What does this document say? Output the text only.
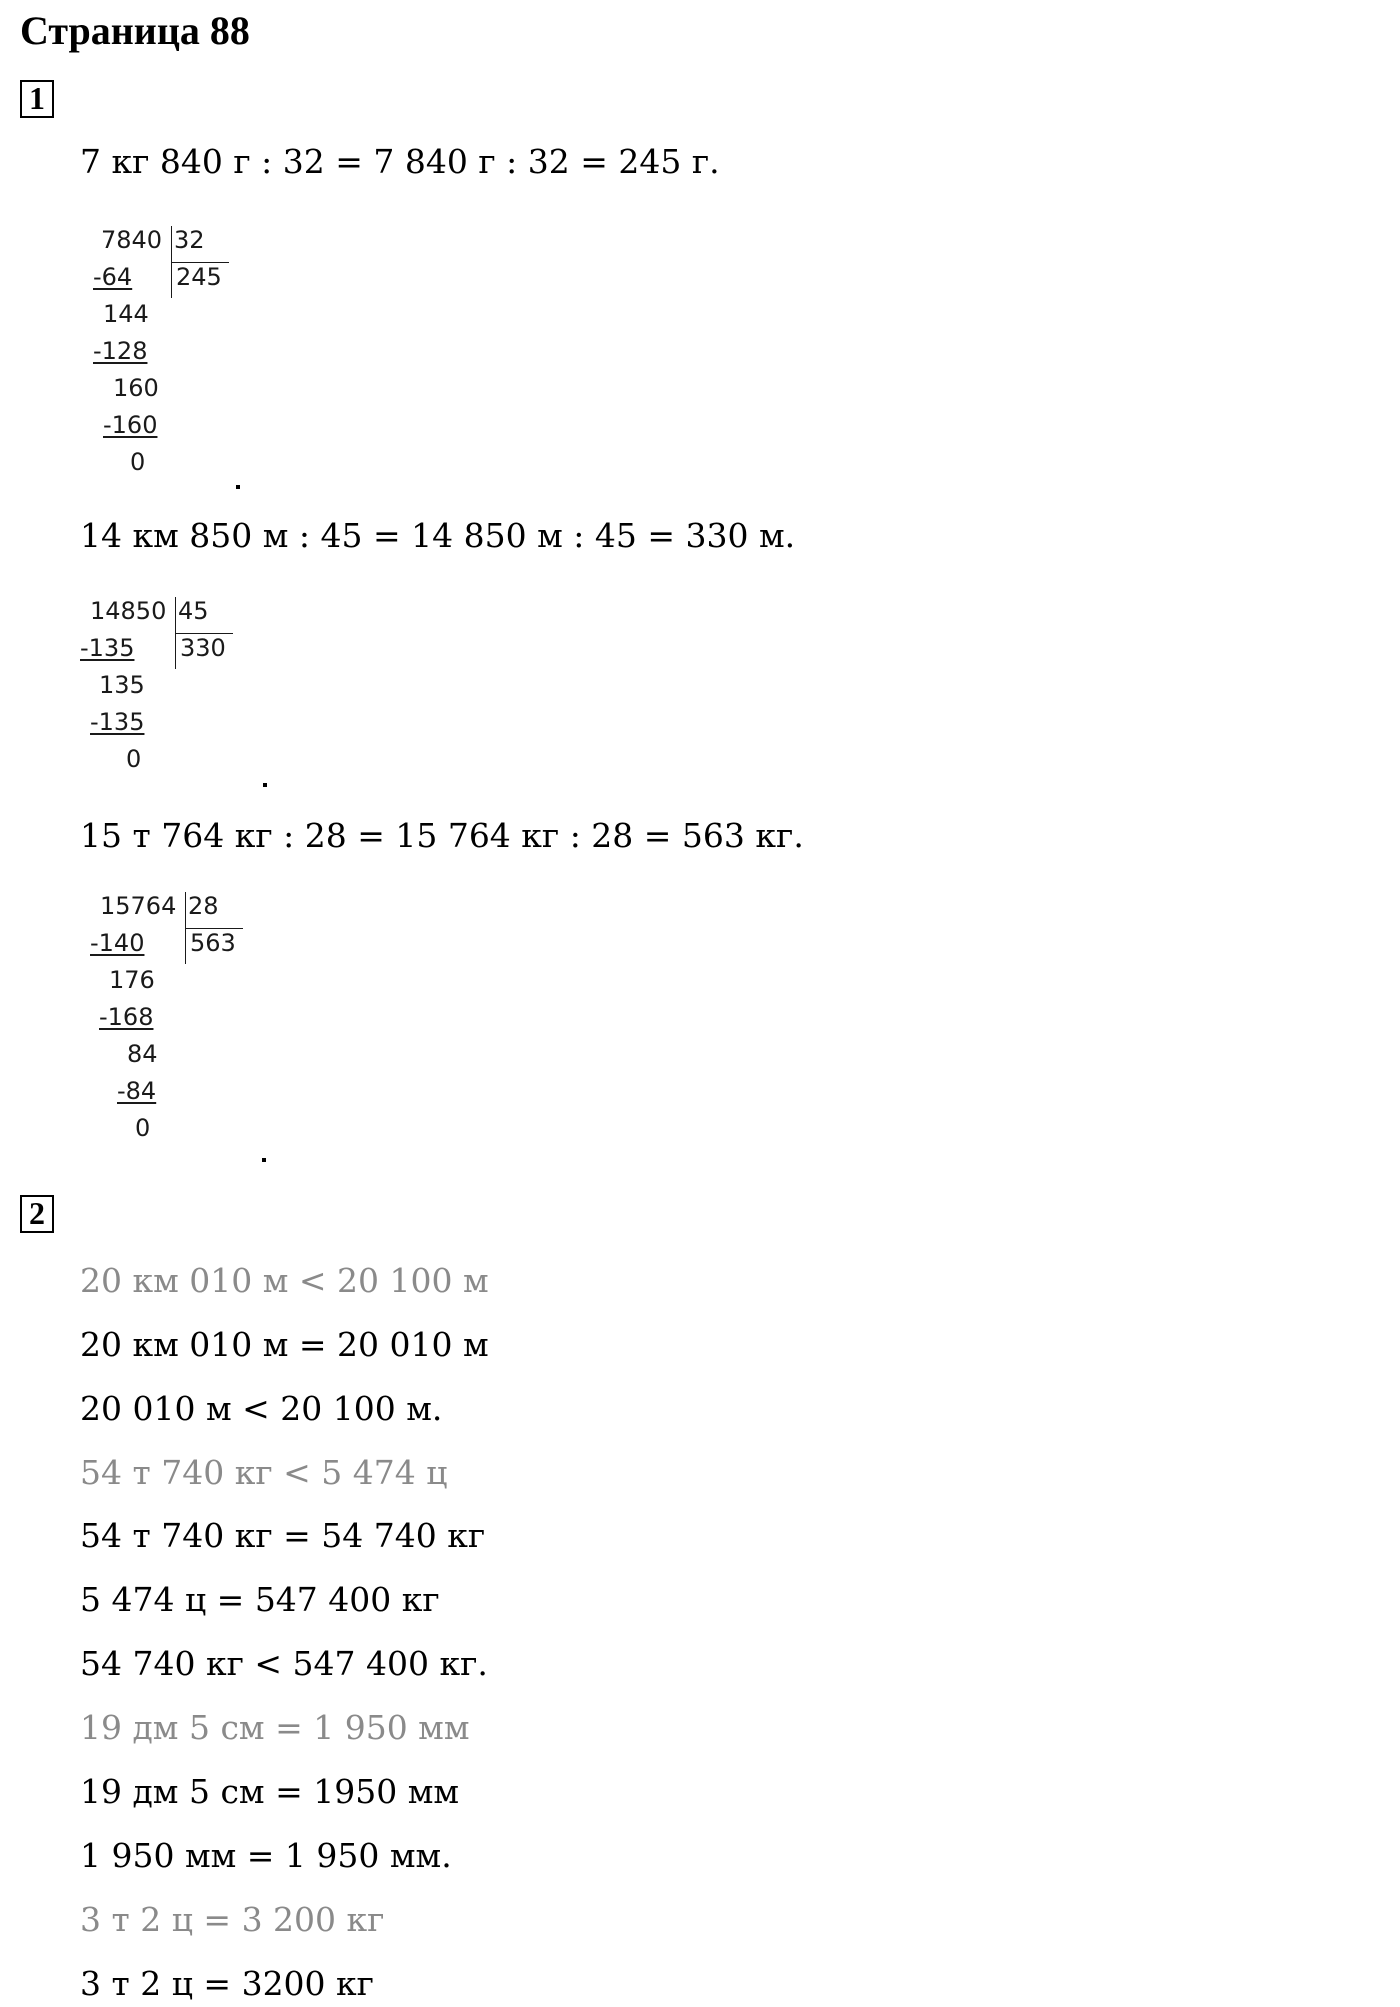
Страница 88
1
7 кг 840 г : 32 = 7 840 г : 32 = 245 г.
7840 32
245
-64
144
-128
160
-160
0
14 км 850 м : 45 = 14 850 м : 45 = 330 м.
14850 45
330
-135
135
-135
0
15 т 764 кг : 28 = 15 764 кг : 28 = 563 кг.
15764 28
563
-140
176
-168
84
-84
0
2
20 км 010 м < 20 100 м
20 км 010 м = 20 010 м
20 010 м < 20 100 м.
54 т 740 кг < 5 474 ц
54 т 740 кг = 54 740 кг
5 474 ц = 547 400 кг
54 740 кг < 547 400 кг.
19 дм 5 см = 1 950 мм
19 дм 5 см = 1950 мм
1 950 мм = 1 950 мм.
3 т 2 ц = 3 200 кг
3 т 2 ц = 3200 кг
